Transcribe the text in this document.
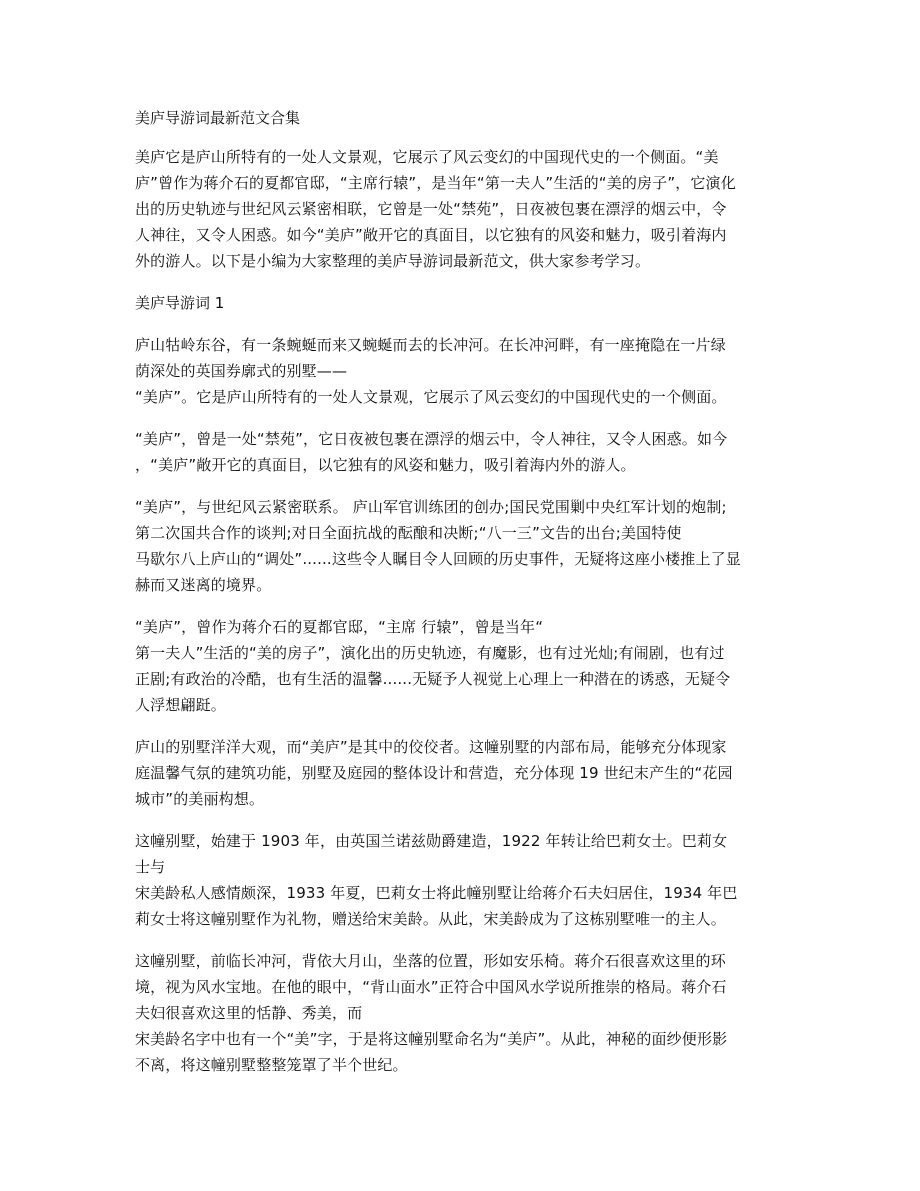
美庐导游词最新范文合集
美庐它是庐山所特有的一处人文景观，它展示了风云变幻的中国现代史的一个侧面。“美
庐”曾作为蒋介石的夏都官邸，“主席行辕”，是当年“第一夫人”生活的“美的房子”，它演化
出的历史轨迹与世纪风云紧密相联，它曾是一处“禁苑”，日夜被包裹在漂浮的烟云中，令
人神往，又令人困惑。如今“美庐”敞开它的真面目，以它独有的风姿和魅力，吸引着海内
外的游人。以下是小编为大家整理的美庐导游词最新范文，供大家参考学习。
美庐导游词 1
庐山牯岭东谷，有一条蜿蜒而来又蜿蜒而去的长冲河。在长冲河畔，有一座掩隐在一片绿
荫深处的英国券廓式的别墅——
“美庐”。它是庐山所特有的一处人文景观，它展示了风云变幻的中国现代史的一个侧面。
“美庐”，曾是一处“禁苑”，它日夜被包裹在漂浮的烟云中，令人神往，又令人困惑。如今
，“美庐”敞开它的真面目，以它独有的风姿和魅力，吸引着海内外的游人。
“美庐”，与世纪风云紧密联系。 庐山军官训练团的创办;国民党围剿中央红军计划的炮制;
第二次国共合作的谈判;对日全面抗战的酝酿和决断;“八一三”文告的出台;美国特使
马歇尔八上庐山的“调处”......这些令人瞩目令人回顾的历史事件，无疑将这座小楼推上了显
赫而又迷离的境界。
“美庐”，曾作为蒋介石的夏都官邸，“主席 行辕”，曾是当年“
第一夫人”生活的“美的房子”，演化出的历史轨迹，有魔影，也有过光灿;有闹剧，也有过
正剧;有政治的冷酷，也有生活的温馨......无疑予人视觉上心理上一种潜在的诱惑，无疑令
人浮想翩跹。
庐山的别墅洋洋大观，而“美庐”是其中的佼佼者。这幢别墅的内部布局，能够充分体现家
庭温馨气氛的建筑功能，别墅及庭园的整体设计和营造，充分体现 19 世纪末产生的“花园
城市”的美丽构想。
这幢别墅，始建于 1903 年，由英国兰诺兹勋爵建造，1922 年转让给巴莉女士。巴莉女
士与
宋美龄私人感情颇深，1933 年夏，巴莉女士将此幢别墅让给蒋介石夫妇居住，1934 年巴
莉女士将这幢别墅作为礼物，赠送给宋美龄。从此，宋美龄成为了这栋别墅唯一的主人。
这幢别墅，前临长冲河，背依大月山，坐落的位置，形如安乐椅。蒋介石很喜欢这里的环
境，视为风水宝地。在他的眼中，“背山面水”正符合中国风水学说所推崇的格局。蒋介石
夫妇很喜欢这里的恬静、秀美，而
宋美龄名字中也有一个“美”字，于是将这幢别墅命名为“美庐”。从此，神秘的面纱便形影
不离，将这幢别墅整整笼罩了半个世纪。
